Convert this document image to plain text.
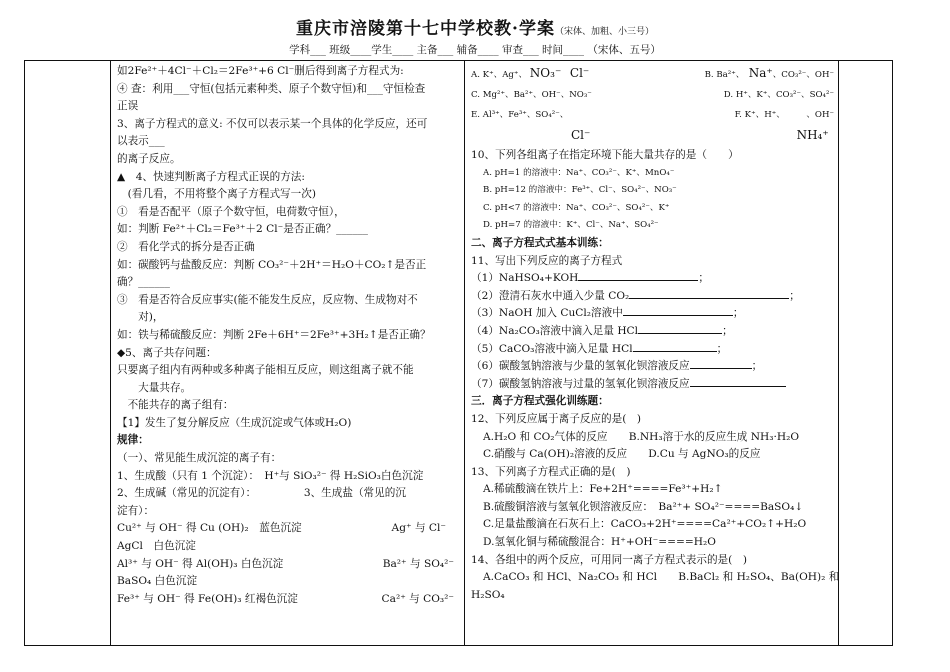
重庆市涪陵第十七中学校教·学案（宋体、加粗、小三号）
学科___ 班级____学生____ 主备___ 辅备____ 审查___ 时间____ （宋体、五号）

如2Fe²⁺＋4Cl⁻＋Cl₂＝2Fe³⁺+6 Cl⁻删后得到离子方程式为:

④ 查：利用___守恒(包括元素种类、原子个数守恒)和___守恒检查

正误

3、离子方程式的意义: 不仅可以表示某一个具体的化学反应，还可

以表示___

的离子反应。

▲　4、快速判断离子方程式正误的方法:

　(看几看，不用将整个离子方程式写一次)

①　看是否配平（原子个数守恒，电荷数守恒），

如：判断 Fe²⁺＋Cl₂＝Fe³⁺＋2 Cl⁻是否正确？______

②　看化学式的拆分是否正确

如：碳酸钙与盐酸反应：判断 CO₃²⁻＋2H⁺＝H₂O＋CO₂↑是否正

确？______

③　看是否符合反应事实(能不能发生反应，反应物、生成物对不

　　对)，

如：铁与稀硫酸反应：判断 2Fe＋6H⁺＝2Fe³⁺+3H₂↑是否正确？

◆5、离子共存问题：

只要离子组内有两种或多种离子能相互反应，则这组离子就不能

　　大量共存。

　不能共存的离子组有：

【1】发生了复分解反应（生成沉淀或气体或H₂O)

规律：

（一）、常见能生成沉淀的离子有：

1、生成酸（只有 1 个沉淀）：　H⁺与 SiO₃²⁻ 得 H₂SiO₃白色沉淀

2、生成碱（常见的沉淀有）：　　　　　3、生成盐（常见的沉

淀有）：

Cu²⁺ 与 OH⁻ 得 Cu (OH)₂　蓝色沉淀	Ag⁺ 与 Cl⁻

AgCl　白色沉淀

Al³⁺ 与 OH⁻ 得 Al(OH)₃ 白色沉淀	Ba²⁺ 与 SO₄²⁻

BaSO₄ 白色沉淀

Fe³⁺ 与 OH⁻ 得 Fe(OH)₃ 红褐色沉淀	Ca²⁺ 与 CO₃²⁻

A. K⁺、Ag⁺、 NO₃⁻　 Cl⁻	B. Ba²⁺、　 Na⁺、CO₃²⁻、OH⁻

C. Mg²⁺、Ba²⁺、OH⁻、NO₃⁻	D. H⁺、K⁺、CO₃²⁻、SO₄²⁻

E. Al³⁺、Fe³⁺、SO₄²⁻、
Cl⁻
F. K⁺、H⁺、　　　	、OH⁻
NH₄⁺

10、下列各组离子在指定环境下能大量共存的是（　　）

A. pH=1 的溶液中：Na⁺、CO₃²⁻、K⁺、MnO₄⁻

B. pH=12 的溶液中：Fe³⁺、Cl⁻、SO₄²⁻、NO₃⁻

C. pH<7 的溶液中：Na⁺、CO₃²⁻、SO₄²⁻、K⁺

D. pH=7 的溶液中：K⁺、Cl⁻、Na⁺、SO₄²⁻

二、离子方程式式基本训练：

11、写出下列反应的离子方程式

（1）NaHSO₄+KOH	；

（2）澄清石灰水中通入少量 CO₂	；

（3）NaOH 加入 CuCl₂溶液中	；

（4）Na₂CO₃溶液中滴入足量 HCl	；

（5）CaCO₃溶液中滴入足量 HCl	；

（6）碳酸氢钠溶液与少量的氢氧化钡溶液反应	；

（7）碳酸氢钠溶液与过量的氢氧化钡溶液反应

三．离子方程式强化训练题：

12、下列反应属于离子反应的是(　)

A.H₂O 和 CO₂气体的反应　　 B.NH₃溶于水的反应生成 NH₃·H₂O

C.硝酸与 Ca(OH)₂溶液的反应　　 D.Cu 与 AgNO₃的反应

13、下列离子方程式正确的是(　)

A.稀硫酸滴在铁片上：Fe+2H⁺====Fe³⁺+H₂↑

B.硫酸铜溶液与氢氧化钡溶液反应：　Ba²⁺+ SO₄²⁻====BaSO₄↓

C.足量盐酸滴在石灰石上：CaCO₃+2H⁺====Ca²⁺+CO₂↑+H₂O

D.氢氧化铜与稀硫酸混合：H⁺+OH⁻====H₂O

14、各组中的两个反应，可用同一离子方程式表示的是(　)

A.CaCO₃ 和 HCl、Na₂CO₃ 和 HCl　　 B.BaCl₂ 和 H₂SO₄、Ba(OH)₂ 和

H₂SO₄
